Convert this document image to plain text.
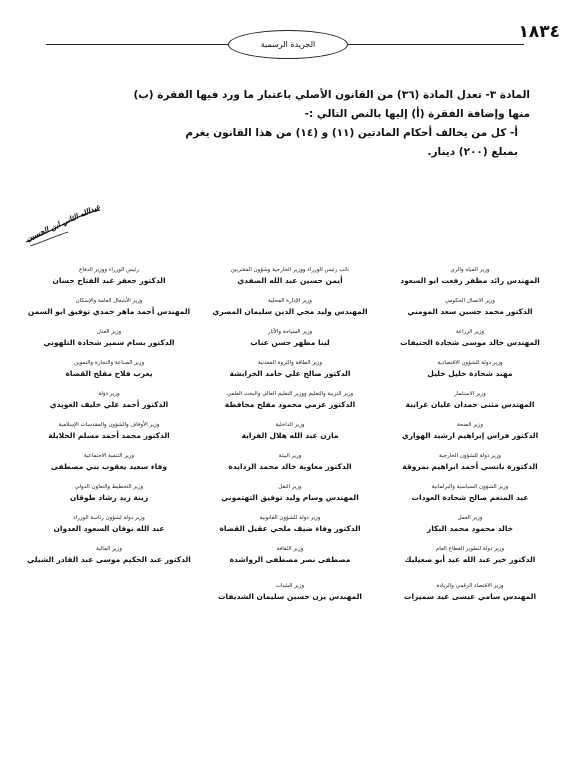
١٨٣٤
الجريدة الرسمية

المادة ٣- تعدل المادة (٣٦) من القانون الأصلي باعتبار ما ورد فيها الفقرة (ب)

منها وإضافة الفقرة (أ) إليها بالنص التالي :-

أ- كل من يخالف أحكام المادتين (١١) و (١٤) من هذا القانون يغرم

بمبلغ (٢٠٠) دينار.

عبدالله الثاني ابن الحسين
وزير المياه والري
المهندس رائد مظفر رفعت ابو السعود
نائب رئيس الوزراء ووزير الخارجية وشؤون المغتربين
أيمن حسين عبد الله الصفدي
رئيس الوزراء ووزير الدفاع
الدكتور جعفر عبد الفتاح حسان
وزير الاتصال الحكومي
الدكتور محمد حسين سعد المومني
وزير الإدارة المحلية
المهندس وليد محي الدين سليمان المصري
وزير الأشغال العامة والإسكان
المهندس أحمد ماهر حمدي توفيق ابو السمن
وزير الزراعة
المهندس خالد موسى شحادة الحنيفات
وزير السياحة والآثار
لينا مظهر حسن عناب
وزير العدل
الدكتور بسام سمير شحادة التلهوني
وزير دولة للشؤون الاقتصادية
مهند شحادة خليل خليل
وزير الطاقة والثروة المعدنية
الدكتور صالح علي حامد الخرابشة
وزير الصناعة والتجارة والتموين
يعرب فلاح مفلح القضاة
وزير الاستثمار
المهندس مثنى حمدان عليان غرايبة
وزير التربية والتعليم ووزير التعليم العالي والبحث العلمي
الدكتور عزمي محمود مفلح محافظة
وزير دولة
الدكتور أحمد علي خليف العويدي
وزير الصحة
الدكتور فراس إبراهيم ارشيد الهواري
وزير الداخلية
مازن عبد الله هلال الفراية
وزير الأوقاف والشؤون والمقدسات الإسلامية
الدكتور محمد أحمد مسلم الخلايلة
وزير دولة للشؤون الخارجية
الدكتورة نانسي أحمد ابراهيم نمروقة
وزير البيئة
الدكتور معاوية خالد محمد الردايدة
وزير التنمية الاجتماعية
وفاء سعيد يعقوب بني مصطفى
وزير الشؤون السياسية والبرلمانية
عبد المنعم صالح شحادة العودات
وزير النقل
المهندس وسام وليد توفيق التهتموني
وزير التخطيط والتعاون الدولي
زينة زيد رشاد طوقان
وزير العمل
خالد محمود محمد البكار
وزير دولة للشؤون القانونية
الدكتور وفاء ضيف ملحي عقيل القضاة
وزير دولة لشؤون رئاسة الوزراء
عبد الله نوفان السعود العدوان
وزير دولة لتطوير القطاع العام
الدكتور خير عبد الله عيد أبو صعيليك
وزير الثقافة
مصطفى نصر مصطفى الرواشدة
وزير المالية
الدكتور عبد الحكيم موسى عبد القادر الشبلي
وزير الاقتصاد الرقمي والريادة
المهندس سامي عيسى عيد سميرات
وزير الشباب
المهندس يزن حسين سليمان الشديفات
